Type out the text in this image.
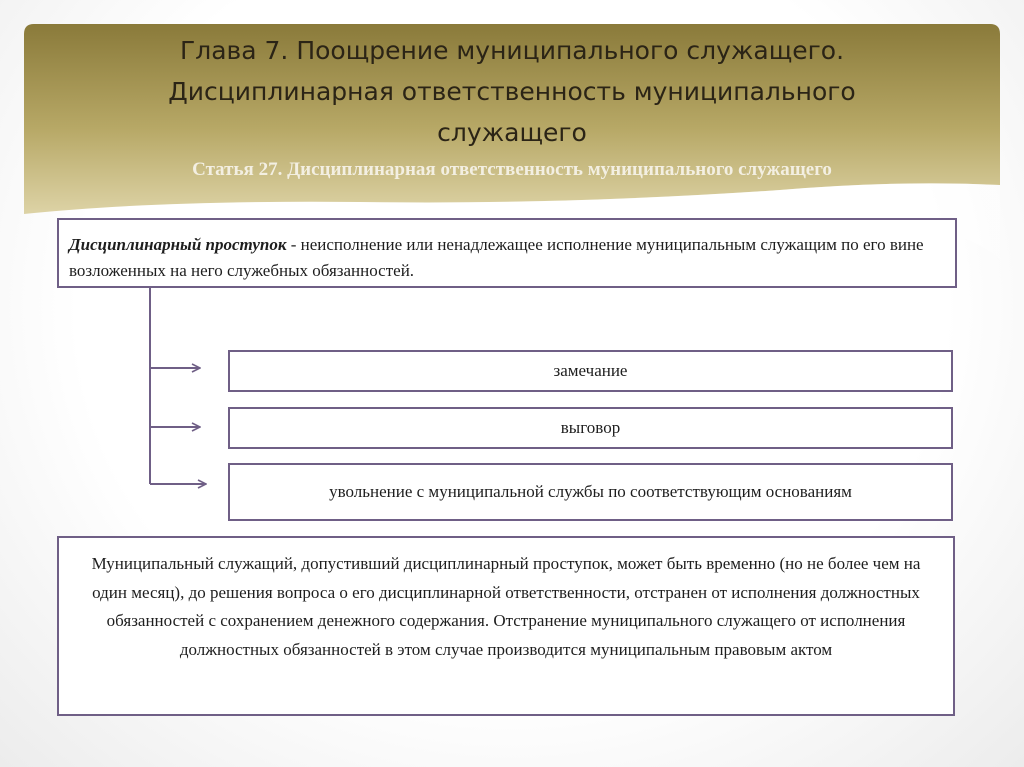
Глава 7. Поощрение муниципального служащего.
Дисциплинарная ответственность муниципального
служащего
Статья 27. Дисциплинарная ответственность муниципального служащего
Дисциплинарный проступок - неисполнение или ненадлежащее исполнение муниципальным служащим по его вине возложенных на него служебных обязанностей.
замечание
выговор
увольнение с муниципальной службы по соответствующим основаниям
Муниципальный служащий, допустивший дисциплинарный проступок, может быть временно (но не более чем на один месяц), до решения вопроса о его дисциплинарной ответственности, отстранен от исполнения должностных обязанностей с сохранением денежного содержания. Отстранение муниципального служащего от исполнения должностных обязанностей в этом случае производится муниципальным правовым актом
